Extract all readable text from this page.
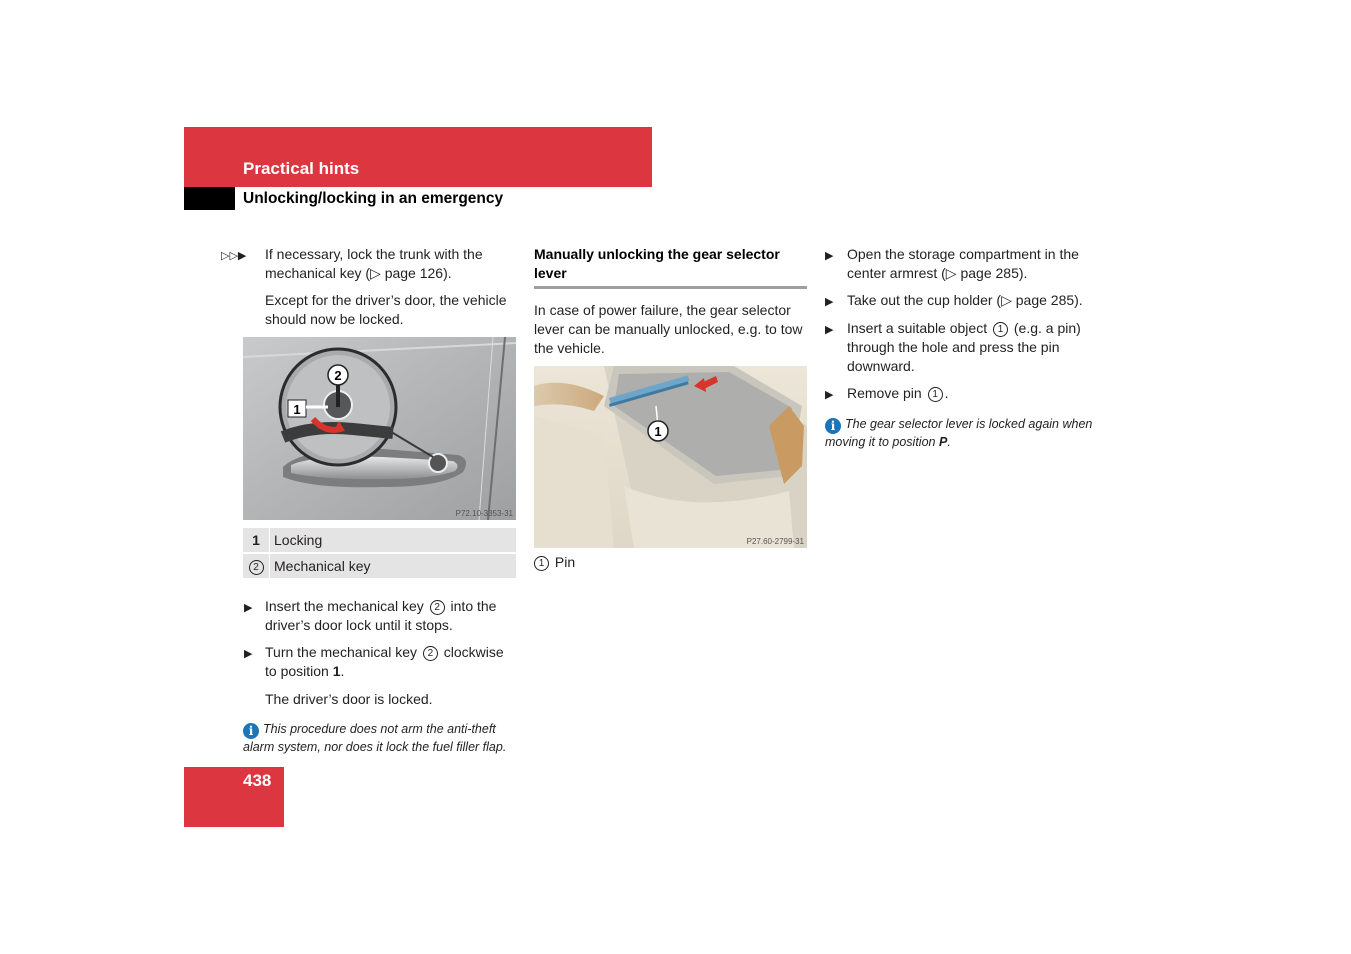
Practical hints
Unlocking/locking in an emergency
▷▷▶ If necessary, lock the trunk with the mechanical key (▷ page 126).
Except for the driver’s door, the vehicle should now be locked.
2
1
P72.10-3353-31
1	Locking
2	Mechanical key
▶ Insert the mechanical key 2 into the driver’s door lock until it stops.
▶ Turn the mechanical key 2 clockwise to position 1.
The driver’s door is locked.
i This procedure does not arm the anti-theft alarm system, nor does it lock the fuel filler flap.
Manually unlocking the gear selector lever
In case of power failure, the gear selector lever can be manually unlocked, e.g. to tow the vehicle.
1
P27.60-2799-31
1 Pin
▶ Open the storage compartment in the center armrest (▷ page 285).
▶ Take out the cup holder (▷ page 285).
▶ Insert a suitable object 1 (e.g. a pin) through the hole and press the pin downward.
▶ Remove pin 1 .
i The gear selector lever is locked again when moving it to position P.
438
